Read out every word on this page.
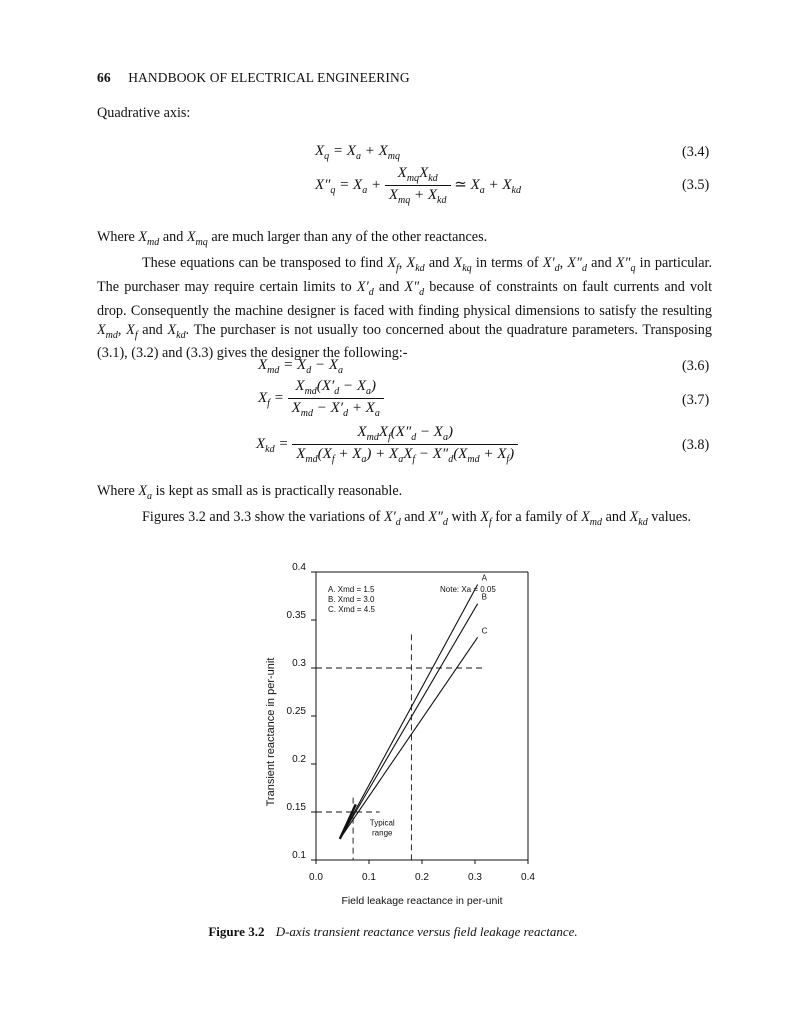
66 HANDBOOK OF ELECTRICAL ENGINEERING
Quadrative axis:
$X_q = X_a + X_{mq}$	(3.4)
$X''_q = X_a + \frac{X_{mq}X_{kd}}{X_{mq} + X_{kd}}$ ≃ $X_a + X_{kd}$	(3.5)
Where $X_{md}$ and $X_{mq}$ are much larger than any of the other reactances.
These equations can be transposed to find $X_f$, $X_{kd}$ and $X_{kq}$ in terms of $X'_d$, $X''_d$ and $X''_q$ in particular. The purchaser may require certain limits to $X'_d$ and $X''_d$ because of constraints on fault currents and volt drop. Consequently the machine designer is faced with finding physical dimensions to satisfy the resulting $X_{md}$, $X_f$ and $X_{kd}$. The purchaser is not usually too concerned about the quadrature parameters. Transposing (3.1), (3.2) and (3.3) gives the designer the following:-
$X_{md} = X_d - X_a$	(3.6)
$X_f = \frac{X_{md}(X'_d - X_a)}{X_{md} - X'_d + X_a}$	(3.7)
$X_{kd} = \frac{X_{md}X_f(X''_d - X_a)}{X_{md}(X_f + X_a) + X_aX_f - X''_d(X_{md} + X_f)}$	(3.8)
Where $X_a$ is kept as small as is practically reasonable.
Figures 3.2 and 3.3 show the variations of $X'_d$ and $X''_d$ with $X_f$ for a family of $X_{md}$ and $X_{kd}$ values.
0.1
0.15
0.2
0.25
0.3
0.35
0.4
0.0	0.1	0.2	0.3	0.4
Field leakage reactance in per-unit
Transient reactance in per-unit
A
B
C
A. Xmd = 1.5
B. Xmd = 3.0
C. Xmd = 4.5
Note: Xa = 0.05
Typical
range
Figure 3.2 D-axis transient reactance versus field leakage reactance.
